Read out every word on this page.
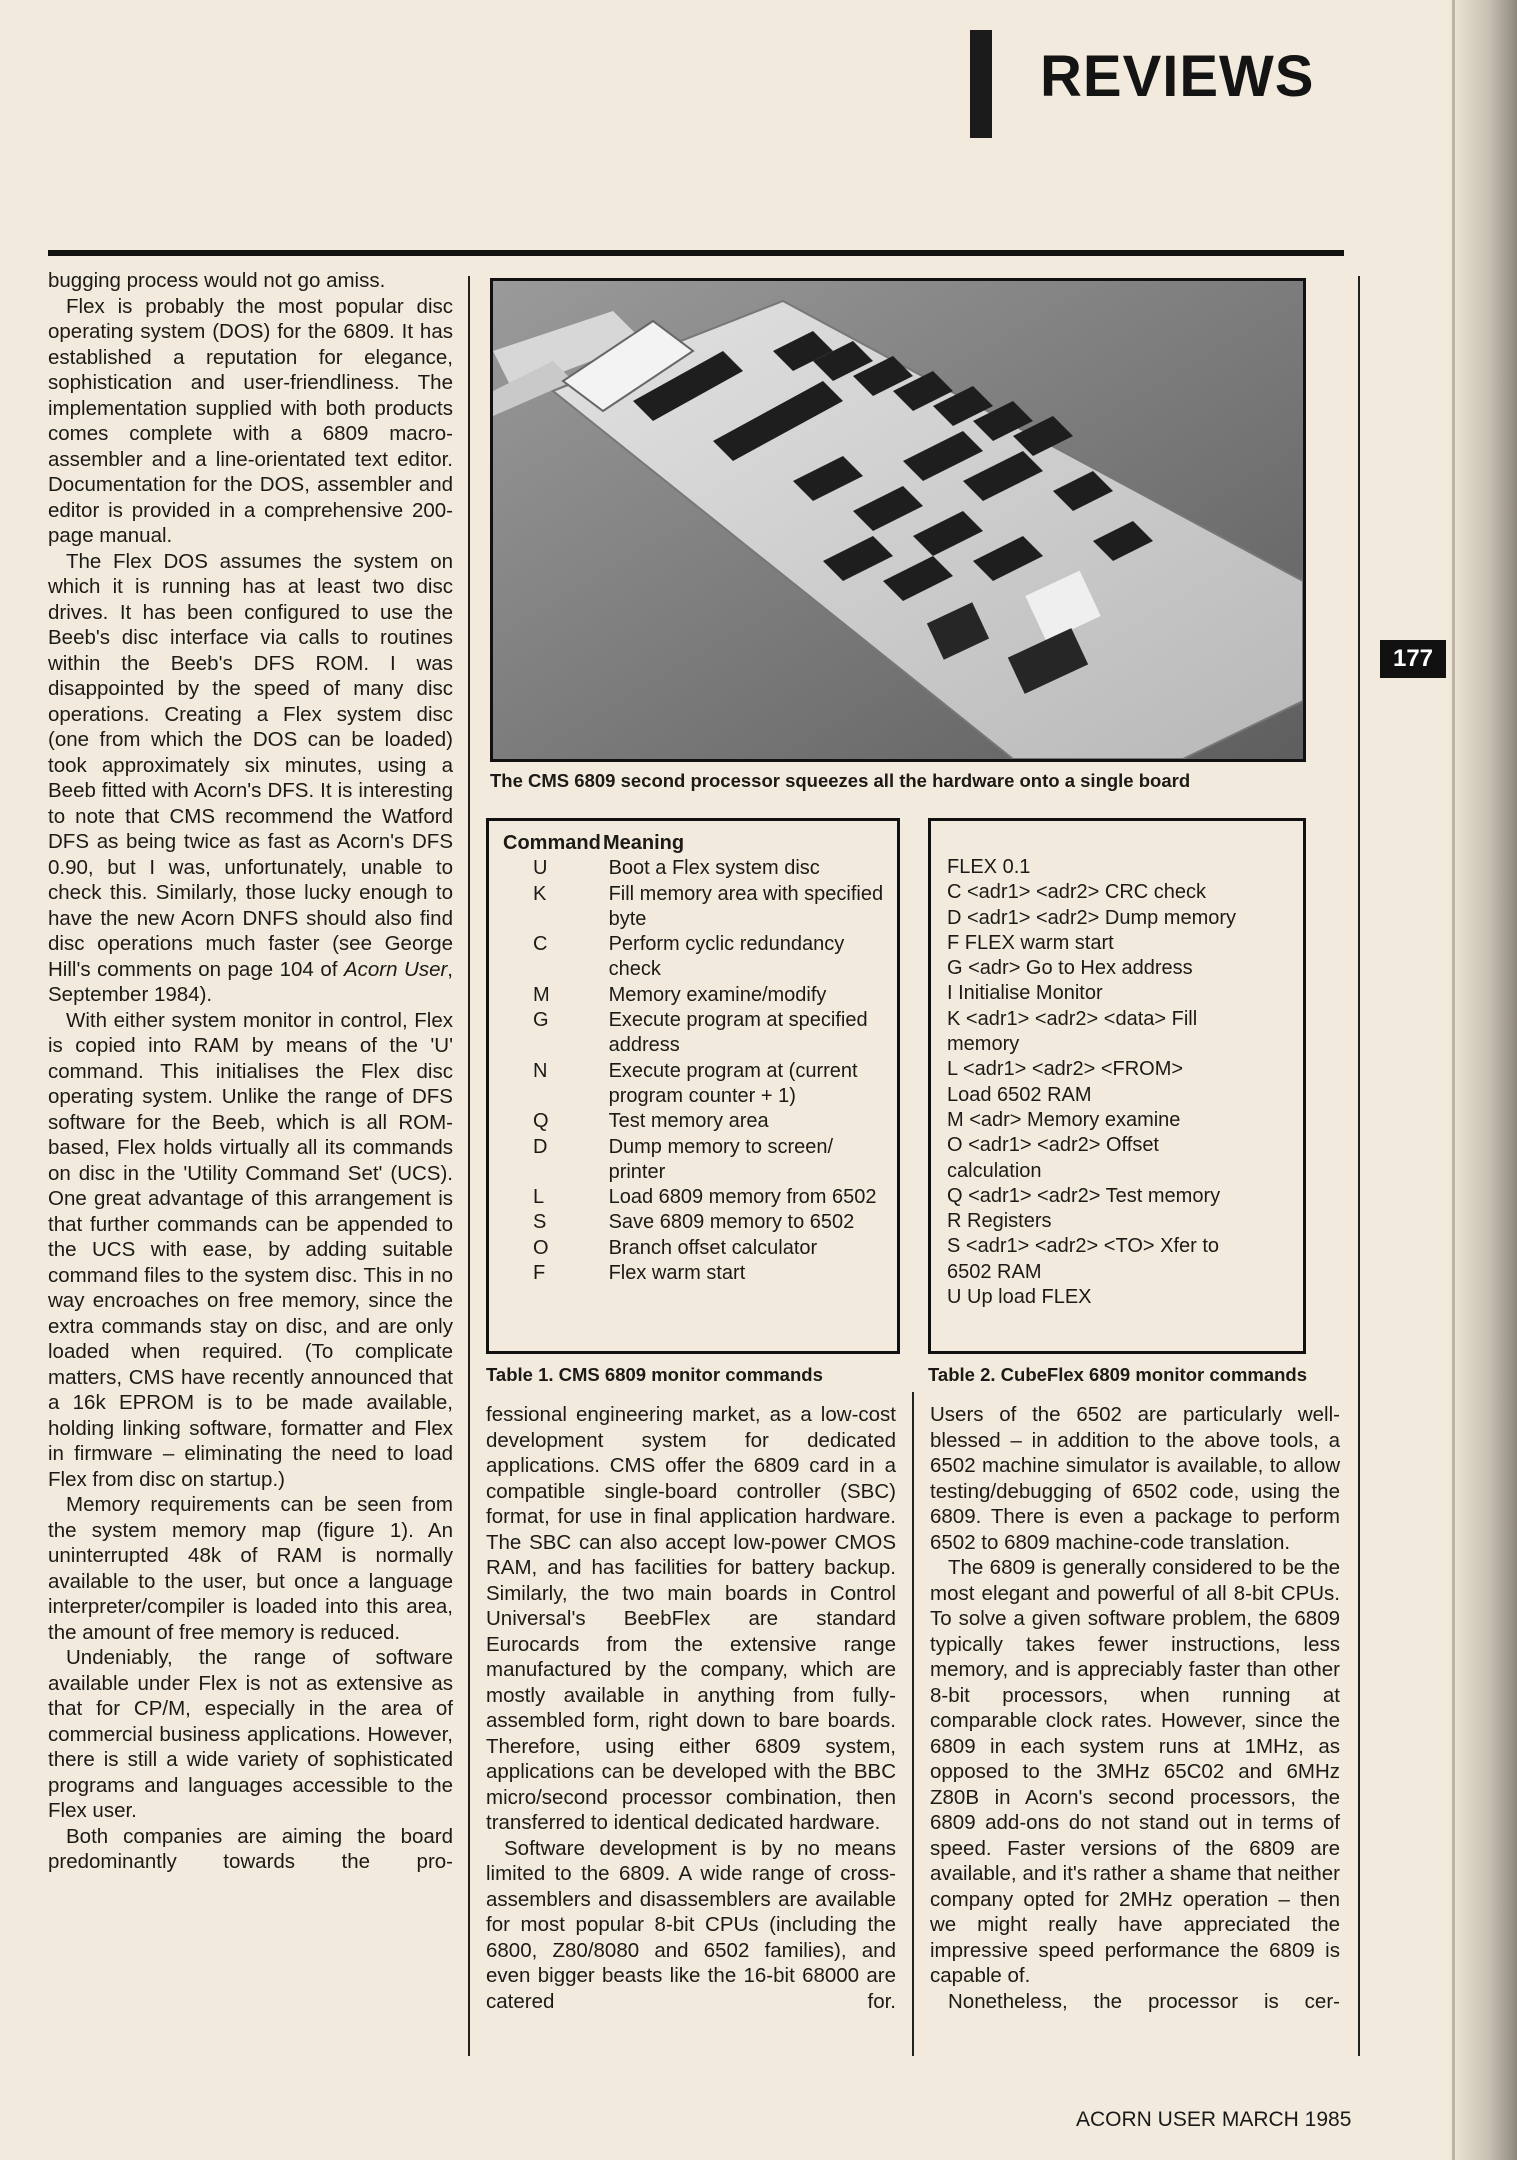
REVIEWS
177

bugging process would not go amiss.

Flex is probably the most popular disc operating system (DOS) for the 6809. It has established a reputation for elegance, sophistication and user-friendliness. The implementation supplied with both products comes complete with a 6809 macro-assembler and a line-orientated text editor. Documentation for the DOS, assembler and editor is provided in a comprehensive 200-page manual.

The Flex DOS assumes the system on which it is running has at least two disc drives. It has been configured to use the Beeb's disc interface via calls to routines within the Beeb's DFS ROM. I was disappointed by the speed of many disc operations. Creating a Flex system disc (one from which the DOS can be loaded) took approximately six minutes, using a Beeb fitted with Acorn's DFS. It is interesting to note that CMS recommend the Watford DFS as being twice as fast as Acorn's DFS 0.90, but I was, unfortunately, unable to check this. Similarly, those lucky enough to have the new Acorn DNFS should also find disc operations much faster (see George Hill's comments on page 104 of Acorn User, September 1984).

With either system monitor in control, Flex is copied into RAM by means of the 'U' command. This initialises the Flex disc operating system. Unlike the range of DFS software for the Beeb, which is all ROM-based, Flex holds virtually all its commands on disc in the 'Utility Command Set' (UCS). One great advantage of this arrangement is that further commands can be appended to the UCS with ease, by adding suitable command files to the system disc. This in no way encroaches on free memory, since the extra commands stay on disc, and are only loaded when required. (To complicate matters, CMS have recently announced that a 16k EPROM is to be made available, holding linking software, formatter and Flex in firmware – eliminating the need to load Flex from disc on startup.)

Memory requirements can be seen from the system memory map (figure 1). An uninterrupted 48k of RAM is normally available to the user, but once a language interpreter/compiler is loaded into this area, the amount of free memory is reduced.

Undeniably, the range of software available under Flex is not as extensive as that for CP/M, especially in the area of commercial business applications. However, there is still a wide variety of sophisticated programs and languages accessible to the Flex user.

Both companies are aiming the board predominantly towards the pro-

The CMS 6809 second processor squeezes all the hardware onto a single board
Command Meaning
U	Boot a Flex system disc
K	Fill memory area with specified byte
C	Perform cyclic redundancy check
M	Memory examine/modify
G	Execute program at specified address
N	Execute program at (current program counter + 1)
Q	Test memory area
D	Dump memory to screen/ printer
L	Load 6809 memory from 6502
S	Save 6809 memory to 6502
O	Branch offset calculator
F	Flex warm start
Table 1. CMS 6809 monitor commands
FLEX 0.1
C <adr1> <adr2> CRC check
D <adr1> <adr2> Dump memory
F FLEX warm start
G <adr> Go to Hex address
I Initialise Monitor
K <adr1> <adr2> <data> Fill
memory
L <adr1> <adr2> <FROM>
Load 6502 RAM
M <adr> Memory examine
O <adr1> <adr2> Offset
calculation
Q <adr1> <adr2> Test memory
R Registers
S <adr1> <adr2> <TO> Xfer to
6502 RAM
U Up load FLEX
Table 2. CubeFlex 6809 monitor commands

fessional engineering market, as a low-cost development system for dedicated applications. CMS offer the 6809 card in a compatible single-board controller (SBC) format, for use in final application hardware. The SBC can also accept low-power CMOS RAM, and has facilities for battery backup. Similarly, the two main boards in Control Universal's BeebFlex are standard Eurocards from the extensive range manufactured by the company, which are mostly available in anything from fully-assembled form, right down to bare boards. Therefore, using either 6809 system, applications can be developed with the BBC micro/second processor combination, then transferred to identical dedicated hardware.

Software development is by no means limited to the 6809. A wide range of cross-assemblers and disassemblers are available for most popular 8-bit CPUs (including the 6800, Z80/8080 and 6502 families), and even bigger beasts like the 16-bit 68000 are catered for.

Users of the 6502 are particularly well-blessed – in addition to the above tools, a 6502 machine simulator is available, to allow testing/debugging of 6502 code, using the 6809. There is even a package to perform 6502 to 6809 machine-code translation.

The 6809 is generally considered to be the most elegant and powerful of all 8-bit CPUs. To solve a given software problem, the 6809 typically takes fewer instructions, less memory, and is appreciably faster than other 8-bit processors, when running at comparable clock rates. However, since the 6809 in each system runs at 1MHz, as opposed to the 3MHz 65C02 and 6MHz Z80B in Acorn's second processors, the 6809 add-ons do not stand out in terms of speed. Faster versions of the 6809 are available, and it's rather a shame that neither company opted for 2MHz operation – then we might really have appreciated the impressive speed performance the 6809 is capable of.

Nonetheless, the processor is cer-

ACORN USER MARCH 1985
